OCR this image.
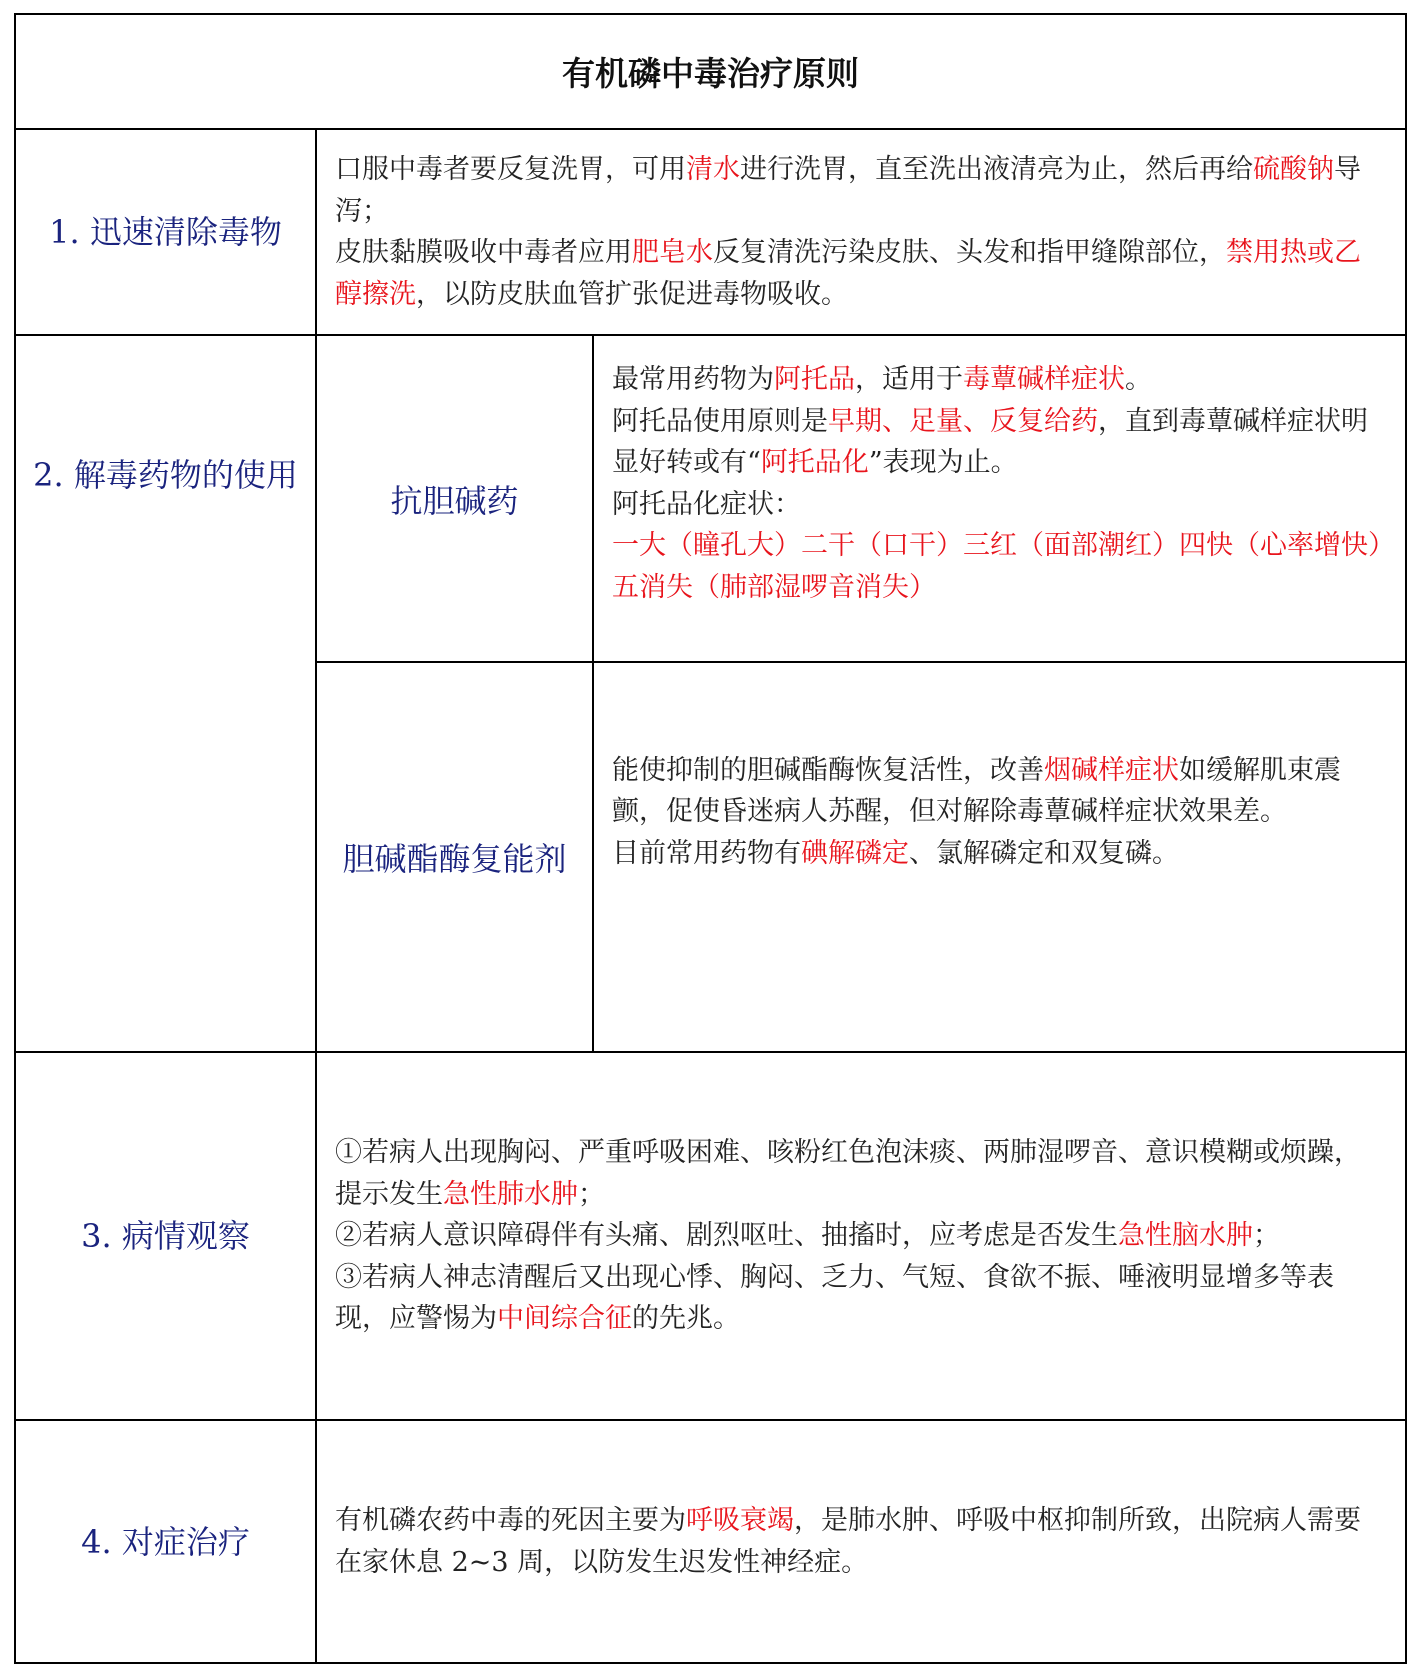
有机磷中毒治疗原则		
1. 迅速清除毒物	口服中毒者要反复洗胃，可用清水进行洗胃，直至洗出液清亮为止，然后再给硫酸钠导泻；

皮肤黏膜吸收中毒者应用肥皂水反复清洗污染皮肤、头发和指甲缝隙部位，禁用热或乙醇擦洗，以防皮肤血管扩张促进毒物吸收。	

2. 解毒药物的使用	抗胆碱药	最常用药物为阿托品，适用于毒蕈碱样症状。

阿托品使用原则是早期、足量、反复给药，直到毒蕈碱样症状明显好转或有“阿托品化”表现为止。

阿托品化症状：

一大（瞳孔大）二干（口干）三红（面部潮红）四快（心率增快）五消失（肺部湿啰音消失）

	胆碱酯酶复能剂	能使抑制的胆碱酯酶恢复活性，改善烟碱样症状如缓解肌束震颤，促使昏迷病人苏醒，但对解除毒蕈碱样症状效果差。

目前常用药物有碘解磷定、氯解磷定和双复磷。

3. 病情观察	①若病人出现胸闷、严重呼吸困难、咳粉红色泡沫痰、两肺湿啰音、意识模糊或烦躁，提示发生急性肺水肿；

②若病人意识障碍伴有头痛、剧烈呕吐、抽搐时，应考虑是否发生急性脑水肿；

③若病人神志清醒后又出现心悸、胸闷、乏力、气短、食欲不振、唾液明显增多等表现，应警惕为中间综合征的先兆。	

4. 对症治疗	有机磷农药中毒的死因主要为呼吸衰竭，是肺水肿、呼吸中枢抑制所致，出院病人需要在家休息 2~3 周，以防发生迟发性神经症。	
